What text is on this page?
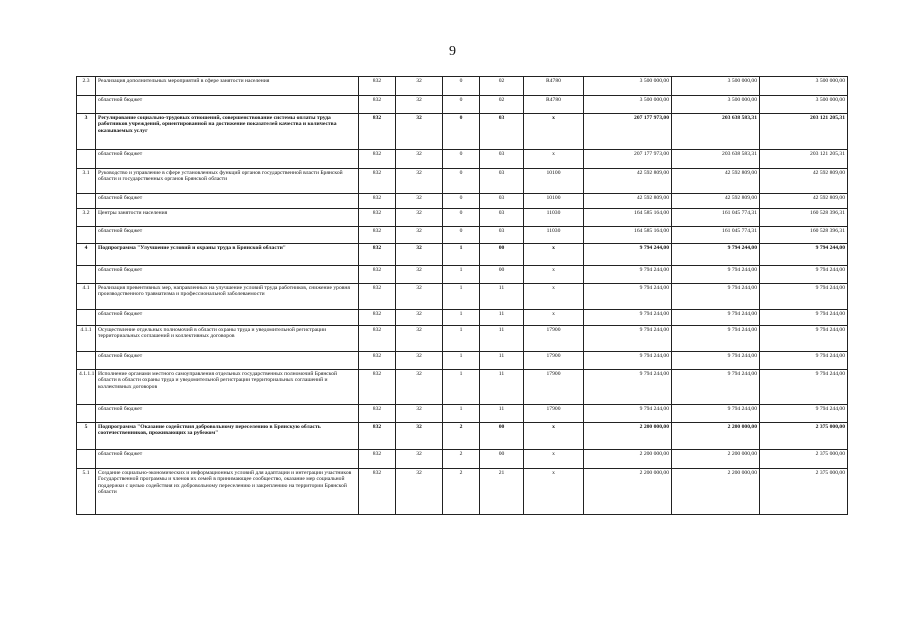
9
2.3	Реализация дополнительных мероприятий в сфере занятости населения	832	32	0	02	R4780	3 500 000,00	3 500 000,00	3 500 000,00
	областной бюджет	832	32	0	02	R4780	3 500 000,00	3 500 000,00	3 500 000,00
3	Регулирование социально-трудовых отношений, совершенствование системы оплаты труда работников учреждений, ориентированной на достижение показателей качества и количества оказываемых услуг	832	32	0	03	x	207 177 973,00	203 638 583,31	203 121 205,31
	областной бюджет	832	32	0	03	x	207 177 973,00	203 638 583,31	203 121 205,31
3.1	Руководство и управление в сфере установленных функций органов государственной власти Брянской области и государственных органов Брянской области	832	32	0	03	10100	42 592 809,00	42 592 809,00	42 592 809,00
	областной бюджет	832	32	0	03	10100	42 592 809,00	42 592 809,00	42 592 809,00
3.2	Центры занятости населения	832	32	0	03	11030	164 585 164,00	161 045 774,31	160 528 396,31
	областной бюджет	832	32	0	03	11030	164 585 164,00	161 045 774,31	160 528 396,31
4	Подпрограмма "Улучшение условий и охраны труда в Брянской области"	832	32	1	00	x	9 794 244,00	9 794 244,00	9 794 244,00
	областной бюджет	832	32	1	00	x	9 794 244,00	9 794 244,00	9 794 244,00
4.1	Реализация превентивных мер, направленных на улучшение условий труда работников, снижение уровня производственного травматизма и профессиональной заболеваемости	832	32	1	11	x	9 794 244,00	9 794 244,00	9 794 244,00
	областной бюджет	832	32	1	11	x	9 794 244,00	9 794 244,00	9 794 244,00
4.1.1	Осуществление отдельных полномочий в области охраны труда и уведомительной регистрации территориальных соглашений и коллективных договоров	832	32	1	11	17900	9 794 244,00	9 794 244,00	9 794 244,00
	областной бюджет	832	32	1	11	17900	9 794 244,00	9 794 244,00	9 794 244,00
4.1.1.1	Исполнение органами местного самоуправления отдельных государственных полномочий Брянской области в области охраны труда и уведомительной регистрации территориальных соглашений и коллективных договоров	832	32	1	11	17900	9 794 244,00	9 794 244,00	9 794 244,00
	областной бюджет	832	32	1	11	17900	9 794 244,00	9 794 244,00	9 794 244,00
5	Подпрограмма "Оказание содействия добровольному переселению в Брянскую область соотечественников, проживающих за рубежом"	832	32	2	00	x	2 200 000,00	2 200 000,00	2 375 000,00
	областной бюджет	832	32	2	00	x	2 200 000,00	2 200 000,00	2 375 000,00
5.1	Создание социально-экономических и информационных условий для адаптации и интеграции участников Государственной программы и членов их семей в принимающее сообщество, оказание мер социальной поддержки с целью содействия их добровольному переселению и закреплению на территории Брянской области	832	32	2	21	x	2 200 000,00	2 200 000,00	2 375 000,00
